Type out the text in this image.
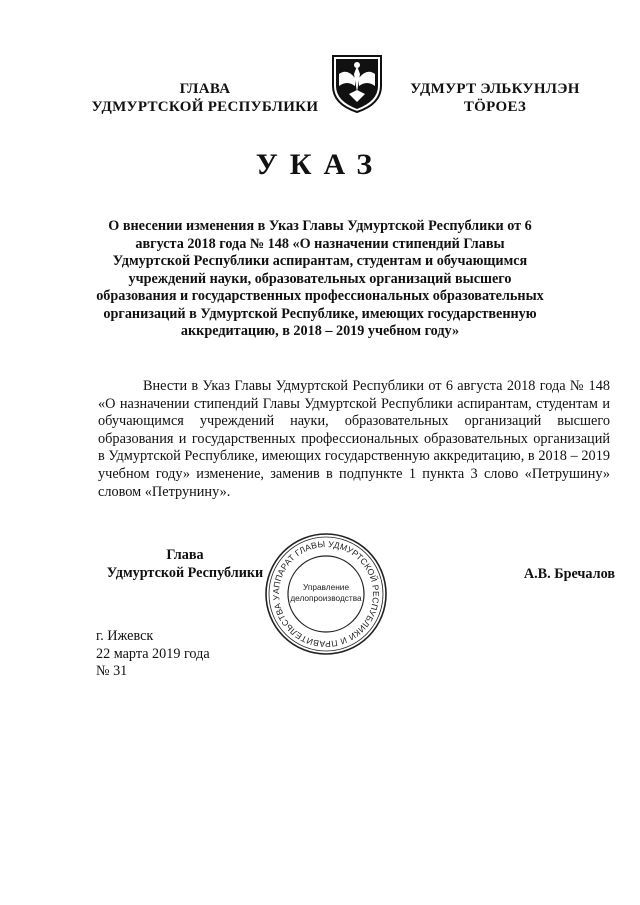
ГЛАВА
УДМУРТСКОЙ РЕСПУБЛИКИ
УДМУРТ ЭЛЬКУНЛЭН
ТӦРОЕЗ
УКАЗ
О внесении изменения в Указ Главы Удмуртской Республики от 6 августа 2018 года № 148 «О назначении стипендий Главы Удмуртской Республики аспирантам, студентам и обучающимся учреждений науки, образовательных организаций высшего образования и государственных профессиональных образовательных организаций в Удмуртской Республике, имеющих государственную аккредитацию, в 2018 – 2019 учебном году»
Внести в Указ Главы Удмуртской Республики от 6 августа 2018 года № 148 «О назначении стипендий Главы Удмуртской Республики аспирантам, студентам и обучающимся учреждений науки, образовательных организаций высшего образования и государственных профессиональных образовательных организаций в Удмуртской Республике, имеющих государственную аккредитацию, в 2018 – 2019 учебном году» изменение, заменив в подпункте 1 пункта 3 слово «Петрушину» словом «Петрунину».
Глава
Удмуртской Республики
АППАРАТ ГЛАВЫ УДМУРТСКОЙ РЕСПУБЛИКИ И ПРАВИТЕЛЬСТВА У
Управление
делопроизводства
А.В. Бречалов
г. Ижевск
22 марта 2019 года
№ 31
